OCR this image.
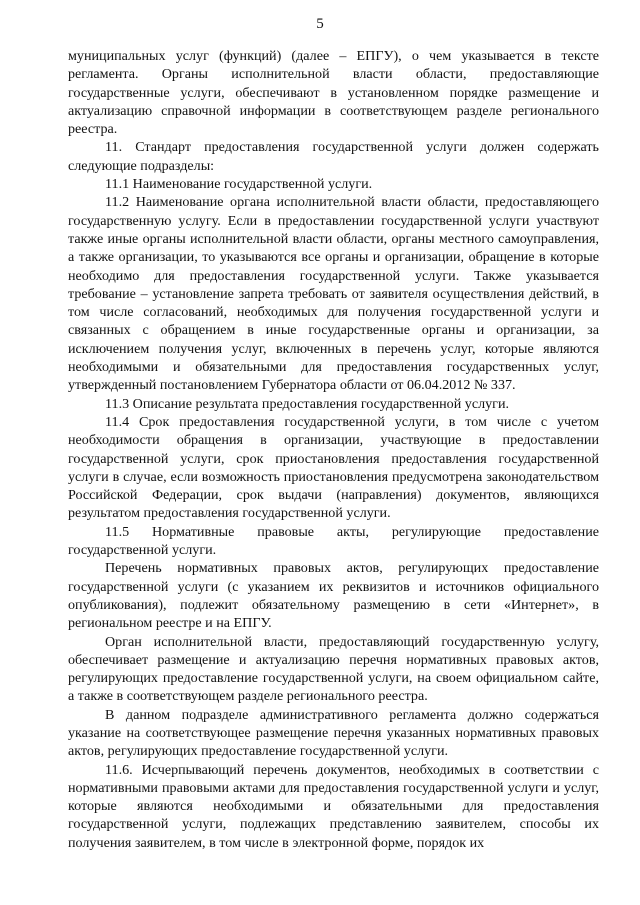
5

муниципальных услуг (функций) (далее – ЕПГУ), о чем указывается в тексте регламента. Органы исполнительной власти области, предоставляющие государственные услуги, обеспечивают в установленном порядке размещение и актуализацию справочной информации в соответствующем разделе регионального реестра.

11. Стандарт предоставления государственной услуги должен содержать следующие подразделы:

11.1 Наименование государственной услуги.

11.2 Наименование органа исполнительной власти области, предоставляющего государственную услугу. Если в предоставлении государственной услуги участвуют также иные органы исполнительной власти области, органы местного самоуправления, а также организации, то указываются все органы и организации, обращение в которые необходимо для предоставления государственной услуги. Также указывается требование – установление запрета требовать от заявителя осуществления действий, в том числе согласований, необходимых для получения государственной услуги и связанных с обращением в иные государственные органы и организации, за исключением получения услуг, включенных в перечень услуг, которые являются необходимыми и обязательными для предоставления государственных услуг, утвержденный постановлением Губернатора области от 06.04.2012 № 337.

11.3 Описание результата предоставления государственной услуги.

11.4 Срок предоставления государственной услуги, в том числе с учетом необходимости обращения в организации, участвующие в предоставлении государственной услуги, срок приостановления предоставления государственной услуги в случае, если возможность приостановления предусмотрена законодательством Российской Федерации, срок выдачи (направления) документов, являющихся результатом предоставления государственной услуги.

11.5 Нормативные правовые акты, регулирующие предоставление государственной услуги.

Перечень нормативных правовых актов, регулирующих предоставление государственной услуги (с указанием их реквизитов и источников официального опубликования), подлежит обязательному размещению в сети «Интернет», в региональном реестре и на ЕПГУ.

Орган исполнительной власти, предоставляющий государственную услугу, обеспечивает размещение и актуализацию перечня нормативных правовых актов, регулирующих предоставление государственной услуги, на своем официальном сайте, а также в соответствующем разделе регионального реестра.

В данном подразделе административного регламента должно содержаться указание на соответствующее размещение перечня указанных нормативных правовых актов, регулирующих предоставление государственной услуги.

11.6. Исчерпывающий перечень документов, необходимых в соответствии с нормативными правовыми актами для предоставления государственной услуги и услуг, которые являются необходимыми и обязательными для предоставления государственной услуги, подлежащих представлению заявителем, способы их получения заявителем, в том числе в электронной форме, порядок их
